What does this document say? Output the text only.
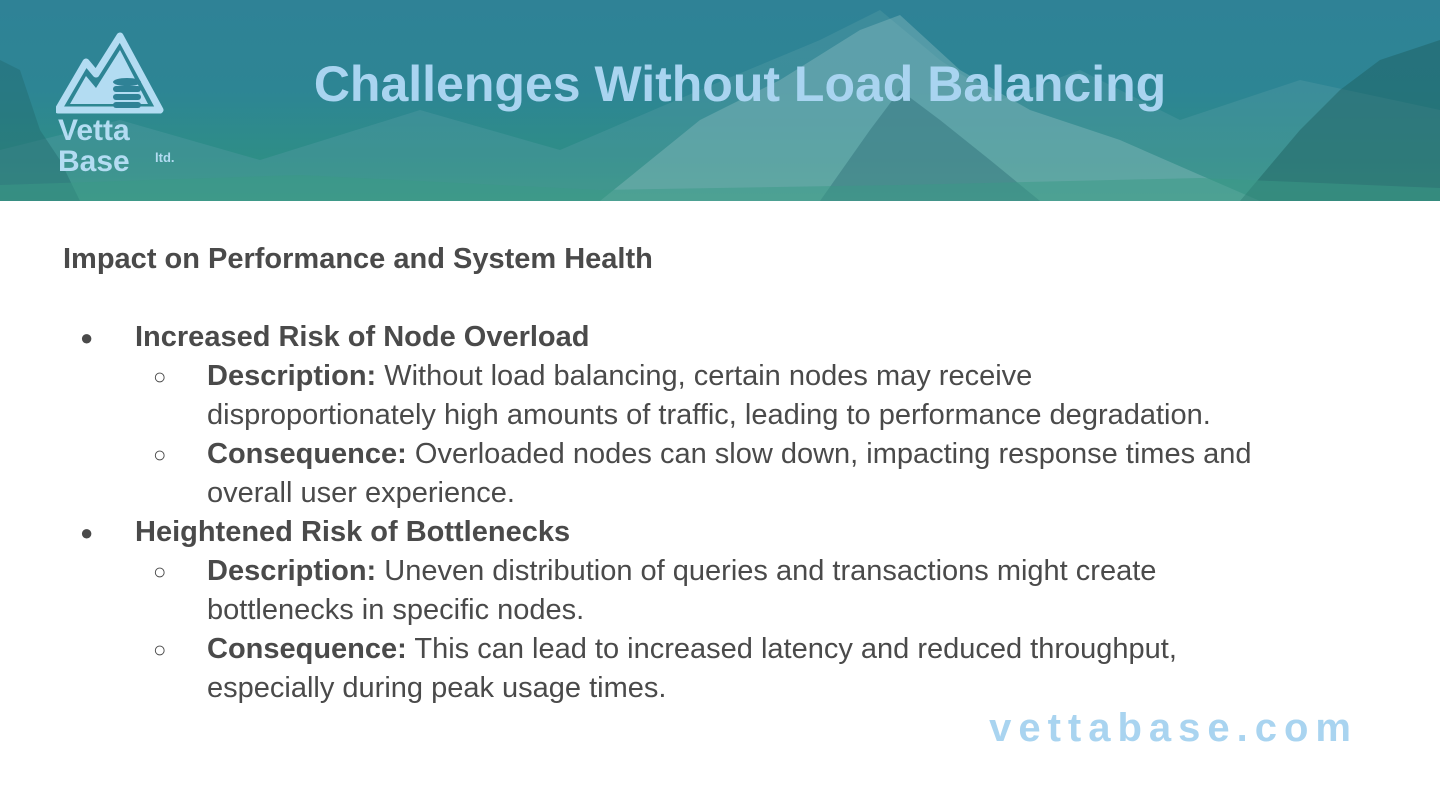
Vetta
Base ltd.
Challenges Without Load Balancing
Impact on Performance and System Health
● Increased Risk of Node Overload
○ Description: Without load balancing, certain nodes may receive
disproportionately high amounts of traffic, leading to performance degradation.
○ Consequence: Overloaded nodes can slow down, impacting response times and
overall user experience.
● Heightened Risk of Bottlenecks
○ Description: Uneven distribution of queries and transactions might create
bottlenecks in specific nodes.
○ Consequence: This can lead to increased latency and reduced throughput,
especially during peak usage times.
vettabase.com
